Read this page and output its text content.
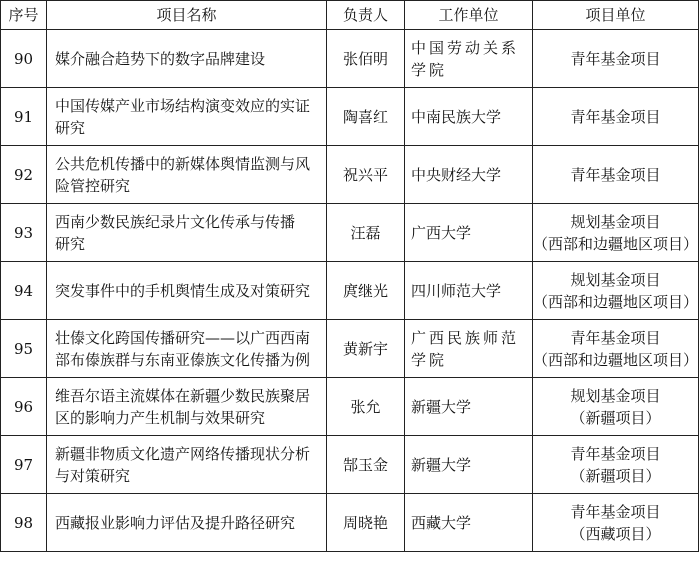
序号	项目名称	负责人	工作单位	项目单位
90	媒介融合趋势下的数字品牌建设	张佰明	中国劳动关系
学院	青年基金项目

91	中国传媒产业市场结构演变效应的实证
研究	陶喜红	中南民族大学	青年基金项目

92	公共危机传播中的新媒体舆情监测与风
险管控研究	祝兴平	中央财经大学	青年基金项目

93	西南少数民族纪录片文化传承与传播
研究	汪磊	广西大学	规划基金项目
（西部和边疆地区项目）

94	突发事件中的手机舆情生成及对策研究	庹继光	四川师范大学	规划基金项目
（西部和边疆地区项目）

95	壮傣文化跨国传播研究——以广西西南
部布傣族群与东南亚傣族文化传播为例	黄新宇	广西民族师范
学院	青年基金项目
（西部和边疆地区项目）

96	维吾尔语主流媒体在新疆少数民族聚居
区的影响力产生机制与效果研究	张允	新疆大学	规划基金项目
（新疆项目）

97	新疆非物质文化遗产网络传播现状分析
与对策研究	郜玉金	新疆大学	青年基金项目
（新疆项目）

98	西藏报业影响力评估及提升路径研究	周晓艳	西藏大学	青年基金项目
（西藏项目）
